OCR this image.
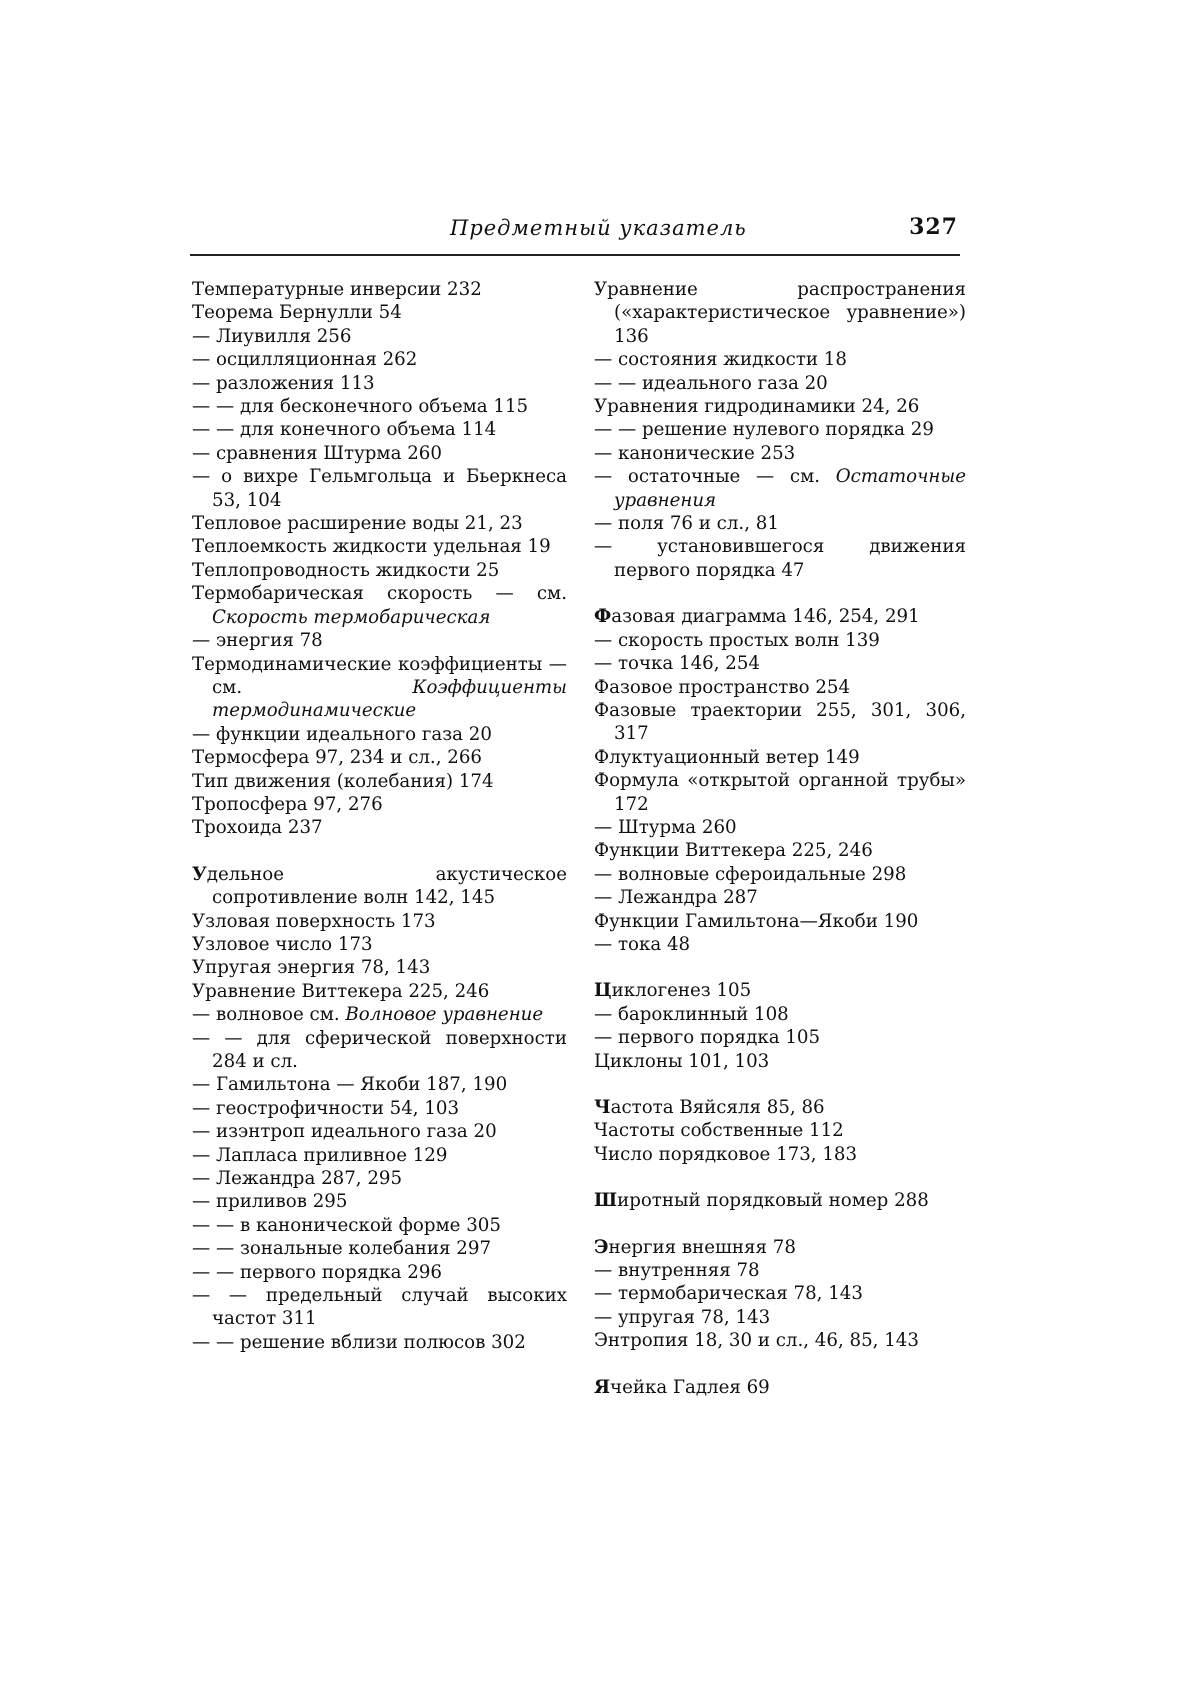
Предметный указатель	327
Температурные инверсии 232
Теорема Бернулли 54
— Лиувилля 256
— осцилляционная 262
— разложения 113
— — для бесконечного объема 115
— — для конечного объема 114
— сравнения Штурма 260
— о вихре Гельмгольца и Бьеркнеса 53, 104
Тепловое расширение воды 21, 23
Теплоемкость жидкости удельная 19
Теплопроводность жидкости 25
Термобарическая скорость — см. Скорость термобарическая
— энергия 78
Термодинамические коэффициенты — см. Коэффициенты термодинамические
— функции идеального газа 20
Термосфера 97, 234 и сл., 266
Тип движения (колебания) 174
Тропосфера 97, 276
Трохоида 237
Удельное акустическое сопротивление волн 142, 145
Узловая поверхность 173
Узловое число 173
Упругая энергия 78, 143
Уравнение Виттекера 225, 246
— волновое см. Волновое уравнение
— — для сферической поверхности 284 и сл.
— Гамильтона — Якоби 187, 190
— геострофичности 54, 103
— изэнтроп идеального газа 20
— Лапласа приливное 129
— Лежандра 287, 295
— приливов 295
— — в канонической форме 305
— — зональные колебания 297
— — первого порядка 296
— — предельный случай высоких частот 311
— — решение вблизи полюсов 302
Уравнение распространения («характеристическое уравнение») 136
— состояния жидкости 18
— — идеального газа 20
Уравнения гидродинамики 24, 26
— — решение нулевого порядка 29
— канонические 253
— остаточные — см. Остаточные уравнения
— поля 76 и сл., 81
— установившегося движения первого порядка 47
Фазовая диаграмма 146, 254, 291
— скорость простых волн 139
— точка 146, 254
Фазовое пространство 254
Фазовые траектории 255, 301, 306, 317
Флуктуационный ветер 149
Формула «открытой органной трубы» 172
— Штурма 260
Функции Виттекера 225, 246
— волновые сфероидальные 298
— Лежандра 287
Функции Гамильтона—Якоби 190
— тока 48
Циклогенез 105
— бароклинный 108
— первого порядка 105
Циклоны 101, 103
Частота Вяйсяля 85, 86
Частоты собственные 112
Число порядковое 173, 183
Широтный порядковый номер 288
Энергия внешняя 78
— внутренняя 78
— термобарическая 78, 143
— упругая 78, 143
Энтропия 18, 30 и сл., 46, 85, 143
Ячейка Гадлея 69
